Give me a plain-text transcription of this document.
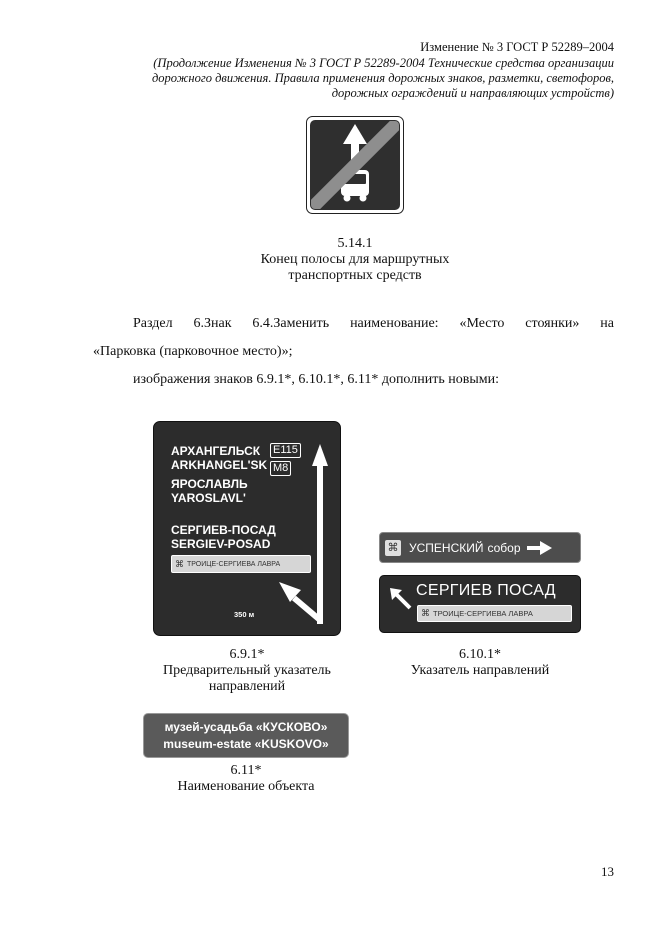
Изменение № 3 ГОСТ Р 52289–2004
(Продолжение Изменения № 3 ГОСТ Р 52289-2004 Технические средства организации
дорожного движения. Правила применения дорожных знаков, разметки, светофоров,
дорожных ограждений и направляющих устройств)
5.14.1
Конец полосы для маршрутных
транспортных средств
Раздел 6.Знак 6.4.Заменить наименование: «Место стоянки» на
«Парковка (парковочное место)»;
изображения знаков 6.9.1*, 6.10.1*, 6.11* дополнить новыми:
АРХАНГЕЛЬСК
ARKHANGEL'SK
E115
M8
ЯРОСЛАВЛЬ
YAROSLAVL'
СЕРГИЕВ-ПОСАД
SERGIEV-POSAD
⌘ ТРОИЦЕ-СЕРГИЕВА ЛАВРА
350 м
6.9.1*
Предварительный указатель
направлений
⌘ УСПЕНСКИЙ собор
СЕРГИЕВ ПОСАД
⌘ ТРОИЦЕ-СЕРГИЕВА ЛАВРА
6.10.1*
Указатель направлений
музей-усадьба «КУСКОВО»
museum-estate «KUSKOVO»
6.11*
Наименование объекта
13
